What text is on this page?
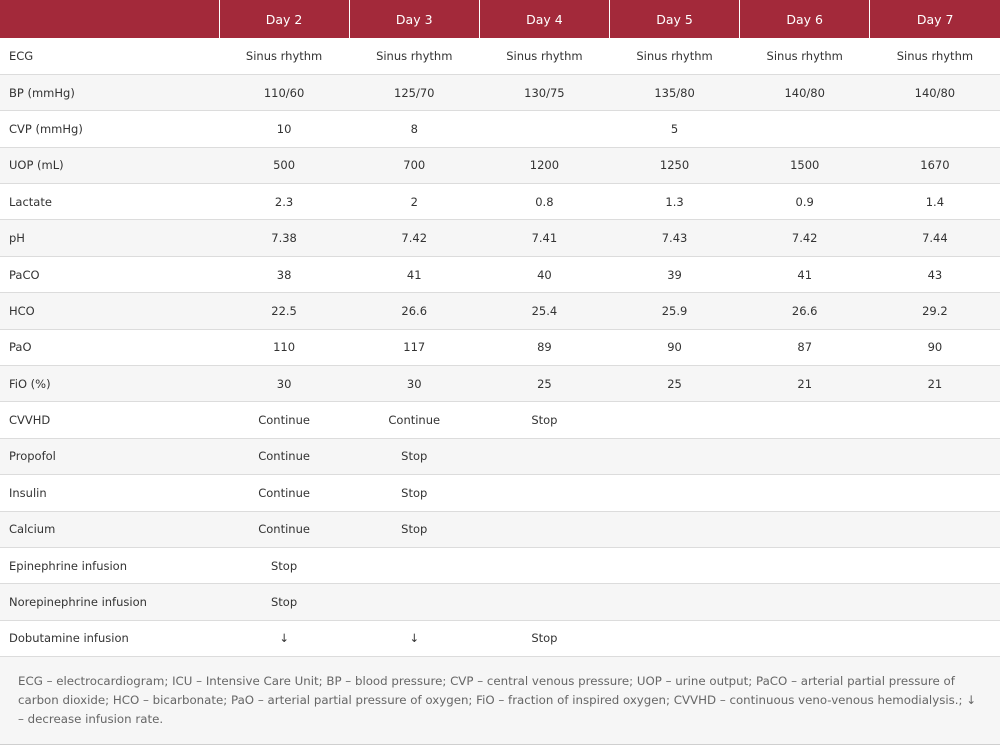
	Day 2	Day 3	Day 4	Day 5	Day 6	Day 7
ECG	Sinus rhythm	Sinus rhythm	Sinus rhythm	Sinus rhythm	Sinus rhythm	Sinus rhythm
BP (mmHg)	110/60	125/70	130/75	135/80	140/80	140/80
CVP (mmHg)	10	8		5		
UOP (mL)	500	700	1200	1250	1500	1670
Lactate	2.3	2	0.8	1.3	0.9	1.4
pH	7.38	7.42	7.41	7.43	7.42	7.44
PaCO	38	41	40	39	41	43
HCO	22.5	26.6	25.4	25.9	26.6	29.2
PaO	110	117	89	90	87	90
FiO (%)	30	30	25	25	21	21
CVVHD	Continue	Continue	Stop			
Propofol	Continue	Stop				
Insulin	Continue	Stop				
Calcium	Continue	Stop				
Epinephrine infusion	Stop					
Norepinephrine infusion	Stop					
Dobutamine infusion	↓	↓	Stop			
ECG – electrocardiogram; ICU – Intensive Care Unit; BP – blood pressure; CVP – central venous pressure; UOP – urine output; PaCO – arterial partial pressure of carbon dioxide; HCO – bicarbonate; PaO – arterial partial pressure of oxygen; FiO – fraction of inspired oxygen; CVVHD – continuous veno-venous hemodialysis.; ↓ – decrease infusion rate.
